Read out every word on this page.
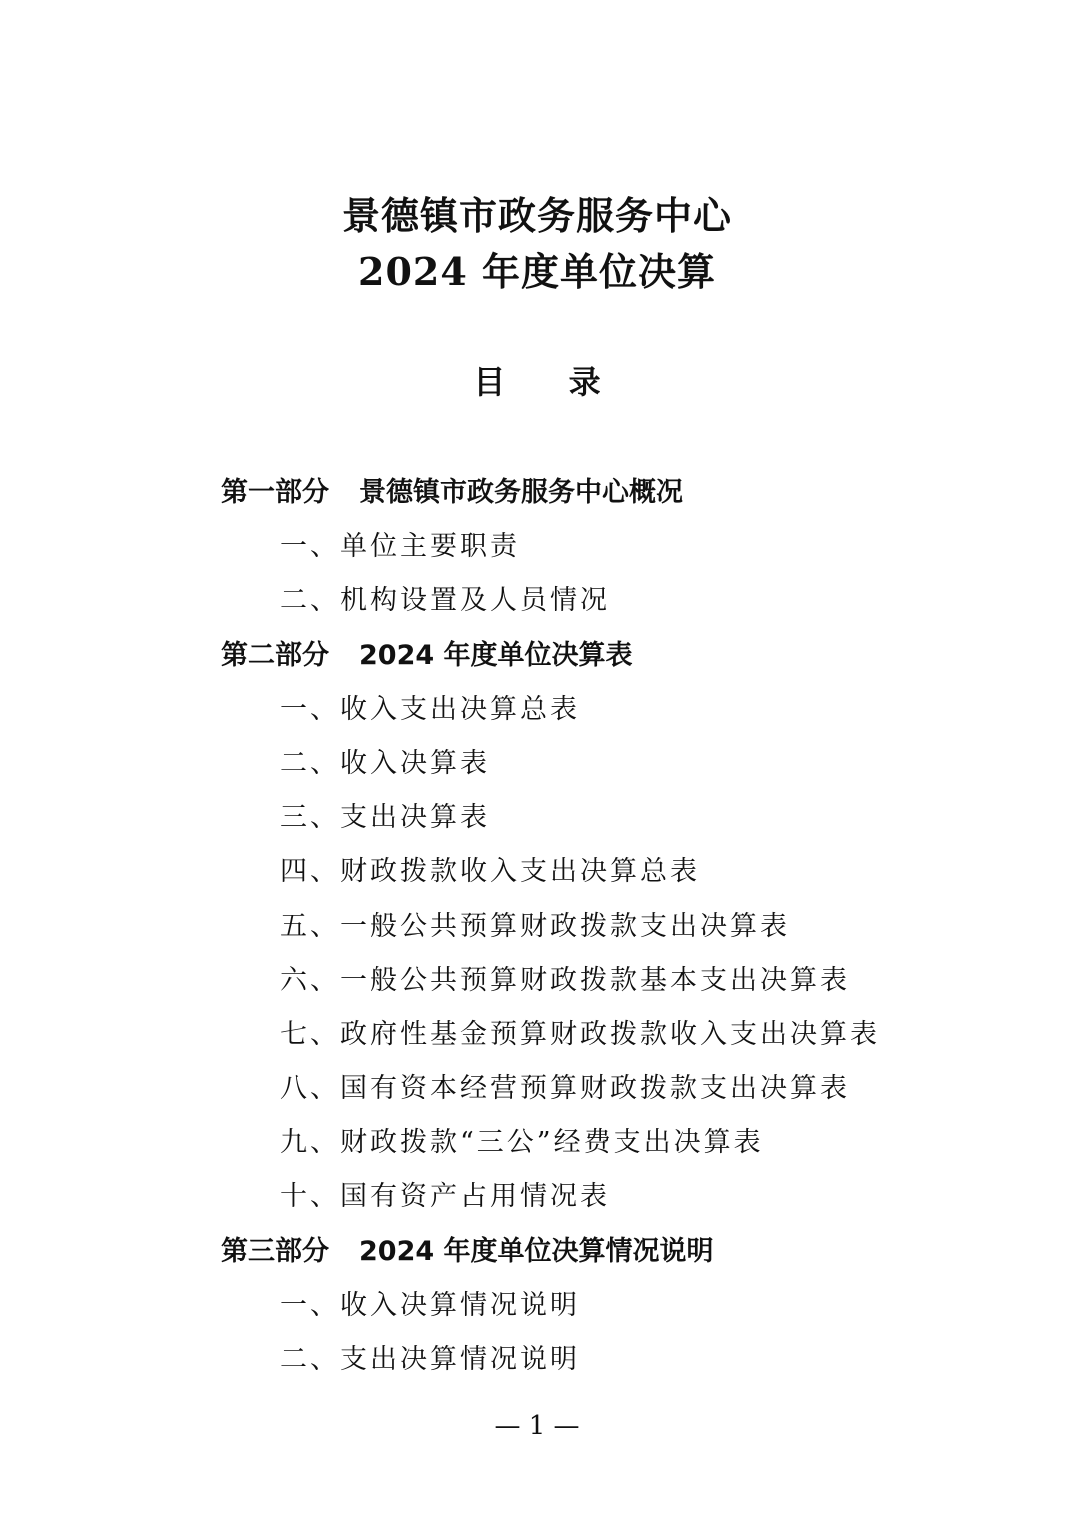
景德镇市政务服务中心
2024 年度单位决算
目 录
第一部分 景德镇市政务服务中心概况
一、单位主要职责
二、机构设置及人员情况
第二部分 2024 年度单位决算表
一、收入支出决算总表
二、收入决算表
三、支出决算表
四、财政拨款收入支出决算总表
五、一般公共预算财政拨款支出决算表
六、一般公共预算财政拨款基本支出决算表
七、政府性基金预算财政拨款收入支出决算表
八、国有资本经营预算财政拨款支出决算表
九、财政拨款“三公”经费支出决算表
十、国有资产占用情况表
第三部分 2024 年度单位决算情况说明
一、收入决算情况说明
二、支出决算情况说明
— 1 —
